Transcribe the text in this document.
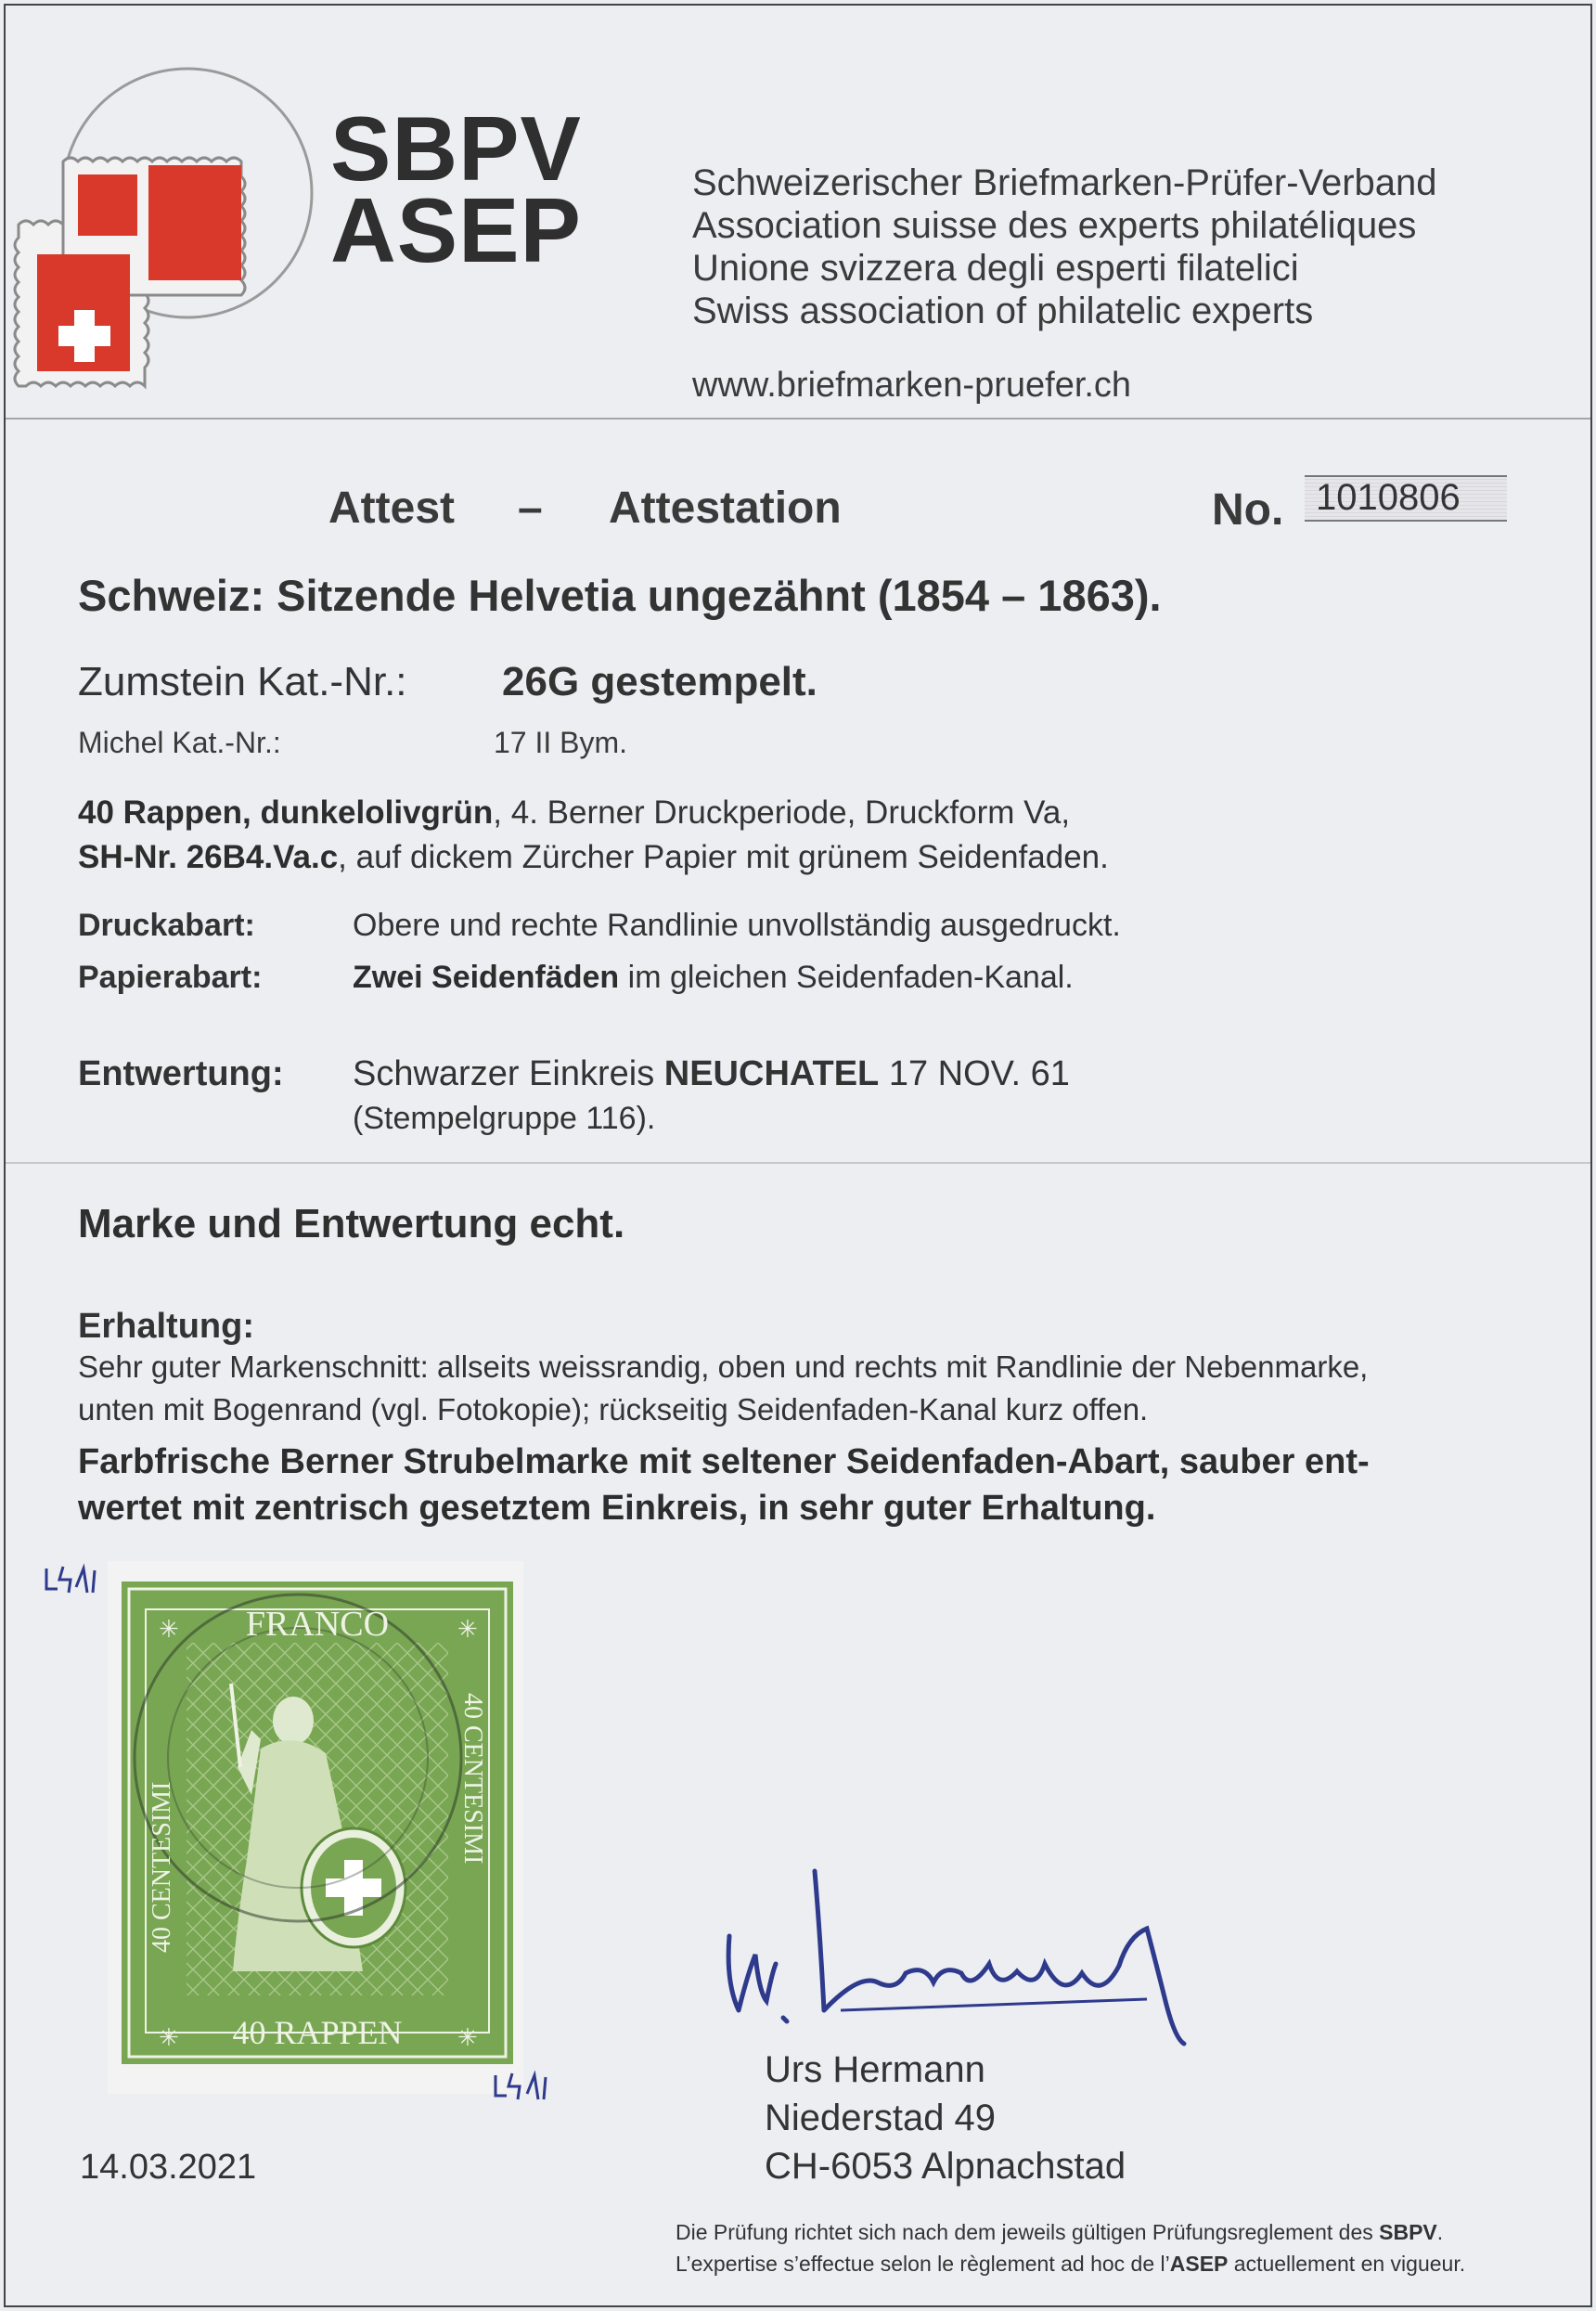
SBPV
ASEP	Schweizerischer Briefmarken-Prüfer-Verband
Association suisse des experts philatéliques
Unione svizzera degli esperti filatelici
Swiss association of philatelic experts
www.briefmarken-pruefer.ch
Attest – Attestation	No. 1010806
Schweiz: Sitzende Helvetia ungezähnt (1854 – 1863).
Zumstein Kat.-Nr.: 26G gestempelt.
Michel Kat.-Nr.:	17 II Bym.
40 Rappen, dunkelolivgrün, 4. Berner Druckperiode, Druckform Va,
SH-Nr. 26B4.Va.c, auf dickem Zürcher Papier mit grünem Seidenfaden.
Druckabart:	Obere und rechte Randlinie unvollständig ausgedruckt.
Papierabart:	Zwei Seidenfäden im gleichen Seidenfaden-Kanal.
Entwertung: Schwarzer Einkreis NEUCHATEL 17 NOV. 61
(Stempelgruppe 116).
Marke und Entwertung echt.
Erhaltung:
Sehr guter Markenschnitt: allseits weissrandig, oben und rechts mit Randlinie der Nebenmarke,
unten mit Bogenrand (vgl. Fotokopie); rückseitig Seidenfaden-Kanal kurz offen.
Farbfrische Berner Strubelmarke mit seltener Seidenfaden-Abart, sauber ent-
wertet mit zentrisch gesetztem Einkreis, in sehr guter Erhaltung.
FRANCO
40 RAPPEN
40 CENTESIMI
40 CENTESIMI
✳	✳
✳	✳
14.03.2021
Urs Hermann
Niederstad 49
CH-6053 Alpnachstad
Die Prüfung richtet sich nach dem jeweils gültigen Prüfungsreglement des SBPV.
L’expertise s’effectue selon le règlement ad hoc de l’ASEP actuellement en vigueur.
